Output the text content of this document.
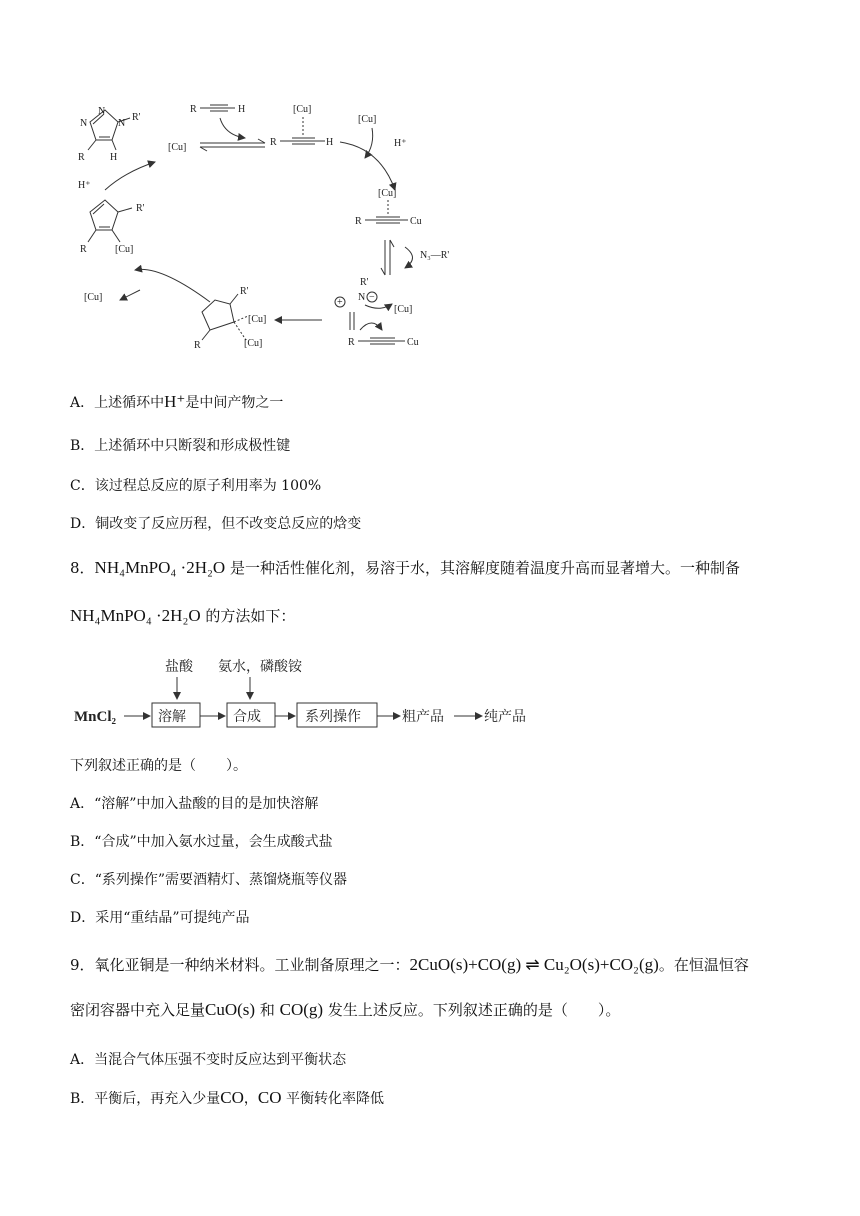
N
N	N
R'
R	H
[Cu]
R	H	[Cu]
R	H
[Cu]
H⁺
[Cu]
R	Cu
N₃—R'
R'
+	−
N
[Cu]
R	Cu
R'
R
[Cu]
[Cu]
[Cu]
R'
R	[Cu]
H⁺
A．上述循环中H⁺是中间产物之一
B．上述循环中只断裂和形成极性键
C．该过程总反应的原子利用率为 100%
D．铜改变了反应历程，但不改变总反应的焓变
8．NH₄MnPO₄ ·2H₂O 是一种活性催化剂，易溶于水，其溶解度随着温度升高而显著增大。一种制备
NH₄MnPO₄ ·2H₂O 的方法如下：
盐酸 氨水，磷酸铵
MnCl₂	溶解	合成	系列操作	粗产品	纯产品
下列叙述正确的是（ ）。
A．“溶解”中加入盐酸的目的是加快溶解
B．“合成”中加入氨水过量，会生成酸式盐
C．“系列操作”需要酒精灯、蒸馏烧瓶等仪器
D．采用“重结晶”可提纯产品
9．氧化亚铜是一种纳米材料。工业制备原理之一：2CuO(s)+CO(g) ⇌ Cu₂O(s)+CO₂(g)。在恒温恒容
密闭容器中充入足量CuO(s) 和 CO(g) 发生上述反应。下列叙述正确的是（ ）。
A．当混合气体压强不变时反应达到平衡状态
B．平衡后，再充入少量CO，CO 平衡转化率降低
